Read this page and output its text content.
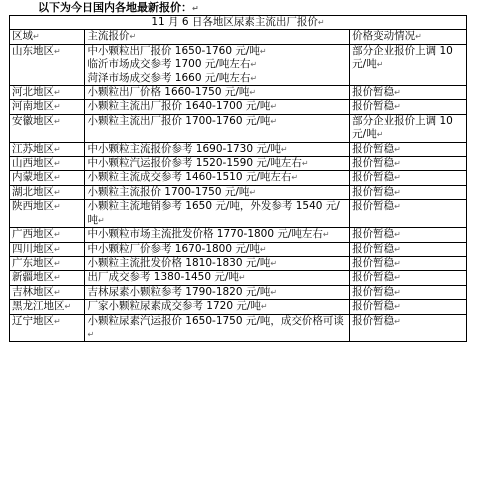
以下为今日国内各地最新报价：↵
11 月 6 日各地区尿素主流出厂报价↵		
区域↵	主流报价↵	价格变动情况↵
山东地区↵	中小颗粒出厂报价 1650-1760 元/吨↵
临沂市场成交参考 1700 元/吨左右↵
菏泽市场成交参考 1660 元/吨左右↵	部分企业报价上调 10元/吨↵
河北地区↵	小颗粒出厂价格 1660-1750 元/吨↵	报价暂稳↵
河南地区↵	小颗粒主流出厂报价 1640-1700 元/吨↵	报价暂稳↵
安徽地区↵	小颗粒主流出厂报价 1700-1760 元/吨↵	部分企业报价上调 10元/吨↵
江苏地区↵	中小颗粒主流报价参考 1690-1730 元/吨↵	报价暂稳↵
山西地区↵	中小颗粒汽运报价参考 1520-1590 元/吨左右↵	报价暂稳↵
内蒙地区↵	小颗粒主流成交参考 1460-1510 元/吨左右↵	报价暂稳↵
湖北地区↵	小颗粒主流报价 1700-1750 元/吨↵	报价暂稳↵
陕西地区↵	小颗粒主流地销参考 1650 元/吨，外发参考 1540 元/吨↵	报价暂稳↵
广西地区↵	中小颗粒市场主流批发价格 1770-1800 元/吨左右↵	报价暂稳↵
四川地区↵	中小颗粒厂价参考 1670-1800 元/吨↵	报价暂稳↵
广东地区↵	小颗粒主流批发价格 1810-1830 元/吨↵	报价暂稳↵
新疆地区↵	出厂成交参考 1380-1450 元/吨↵	报价暂稳↵
吉林地区↵	吉林尿素小颗粒参考 1790-1820 元/吨↵	报价暂稳↵
黑龙江地区↵	厂家小颗粒尿素成交参考 1720 元/吨↵	报价暂稳↵
辽宁地区↵	小颗粒尿素汽运报价 1650-1750 元/吨，成交价格可谈↵	报价暂稳↵
